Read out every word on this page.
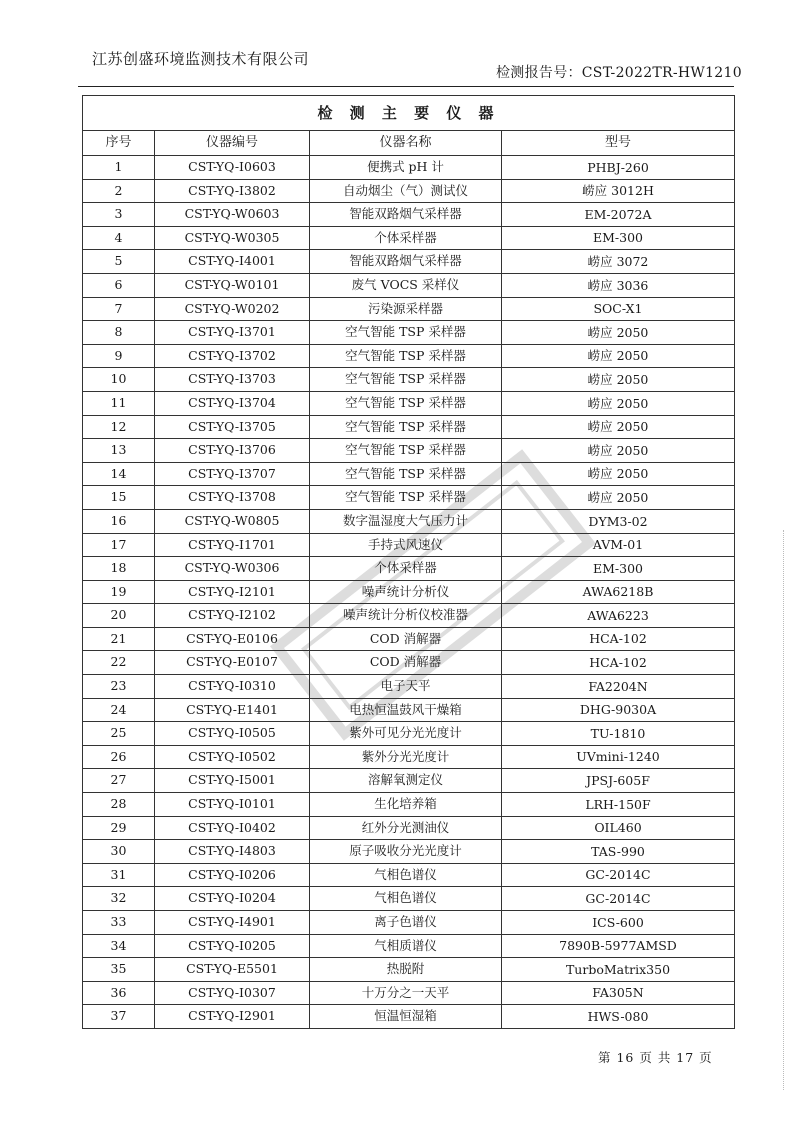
江苏创盛环境监测技术有限公司
检测报告号：CST-2022TR-HW1210
检 测 主 要 仪 器			
序号	仪器编号	仪器名称	型号
1	CST-YQ-I0603	便携式 pH 计	PHBJ-260
2	CST-YQ-I3802	自动烟尘（气）测试仪	崂应 3012H
3	CST-YQ-W0603	智能双路烟气采样器	EM-2072A
4	CST-YQ-W0305	个体采样器	EM-300
5	CST-YQ-I4001	智能双路烟气采样器	崂应 3072
6	CST-YQ-W0101	废气 VOCS 采样仪	崂应 3036
7	CST-YQ-W0202	污染源采样器	SOC-X1
8	CST-YQ-I3701	空气智能 TSP 采样器	崂应 2050
9	CST-YQ-I3702	空气智能 TSP 采样器	崂应 2050
10	CST-YQ-I3703	空气智能 TSP 采样器	崂应 2050
11	CST-YQ-I3704	空气智能 TSP 采样器	崂应 2050
12	CST-YQ-I3705	空气智能 TSP 采样器	崂应 2050
13	CST-YQ-I3706	空气智能 TSP 采样器	崂应 2050
14	CST-YQ-I3707	空气智能 TSP 采样器	崂应 2050
15	CST-YQ-I3708	空气智能 TSP 采样器	崂应 2050
16	CST-YQ-W0805	数字温湿度大气压力计	DYM3-02
17	CST-YQ-I1701	手持式风速仪	AVM-01
18	CST-YQ-W0306	个体采样器	EM-300
19	CST-YQ-I2101	噪声统计分析仪	AWA6218B
20	CST-YQ-I2102	噪声统计分析仪校准器	AWA6223
21	CST-YQ-E0106	COD 消解器	HCA-102
22	CST-YQ-E0107	COD 消解器	HCA-102
23	CST-YQ-I0310	电子天平	FA2204N
24	CST-YQ-E1401	电热恒温鼓风干燥箱	DHG-9030A
25	CST-YQ-I0505	紫外可见分光光度计	TU-1810
26	CST-YQ-I0502	紫外分光光度计	UVmini-1240
27	CST-YQ-I5001	溶解氧测定仪	JPSJ-605F
28	CST-YQ-I0101	生化培养箱	LRH-150F
29	CST-YQ-I0402	红外分光测油仪	OIL460
30	CST-YQ-I4803	原子吸收分光光度计	TAS-990
31	CST-YQ-I0206	气相色谱仪	GC-2014C
32	CST-YQ-I0204	气相色谱仪	GC-2014C
33	CST-YQ-I4901	离子色谱仪	ICS-600
34	CST-YQ-I0205	气相质谱仪	7890B-5977AMSD
35	CST-YQ-E5501	热脱附	TurboMatrix350
36	CST-YQ-I0307	十万分之一天平	FA305N
37	CST-YQ-I2901	恒温恒湿箱	HWS-080
第 16 页 共 17 页
